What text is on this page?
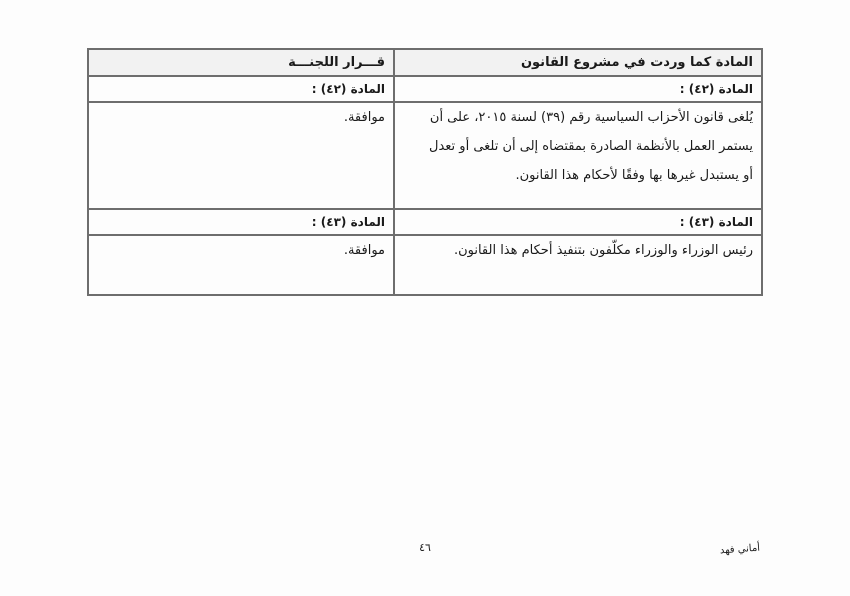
المادة كما وردت في مشروع القانون	قـــرار اللجنـــة
المادة (٤٢) :	المادة (٤٢) :

يُلغى قانون الأحزاب السياسية رقم (٣٩) لسنة ٢٠١٥، على أن

يستمر العمل بالأنظمة الصادرة بمقتضاه إلى أن تلغى أو تعدل

أو يستبدل غيرها بها وفقًا لأحكام هذا القانون.	موافقة.

المادة (٤٣) :	المادة (٤٣) :

رئيس الوزراء والوزراء مكلّفون بتنفيذ أحكام هذا القانون.	موافقة.

٤٦	أماني فهد
